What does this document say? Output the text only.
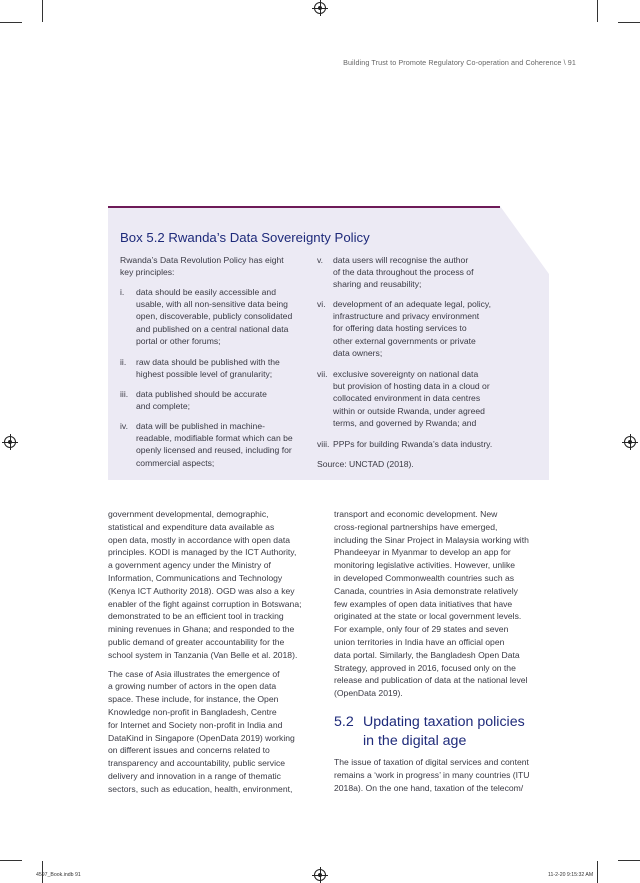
Building Trust to Promote Regulatory Co-operation and Coherence \ 91
Box 5.2 Rwanda’s Data Sovereignty Policy
Rwanda’s Data Revolution Policy has eight
key principles:
i. data should be easily accessible and
usable, with all non-sensitive data being
open, discoverable, publicly consolidated
and published on a central national data
portal or other forums;
ii. raw data should be published with the
highest possible level of granularity;
iii. data published should be accurate
and complete;
iv. data will be published in machine-
readable, modifiable format which can be
openly licensed and reused, including for
commercial aspects;
v. data users will recognise the author
of the data throughout the process of
sharing and reusability;
vi. development of an adequate legal, policy,
infrastructure and privacy environment
for offering data hosting services to
other external governments or private
data owners;
vii. exclusive sovereignty on national data
but provision of hosting data in a cloud or
collocated environment in data centres
within or outside Rwanda, under agreed
terms, and governed by Rwanda; and
viii. PPPs for building Rwanda’s data industry.
Source: UNCTAD (2018).

government developmental, demographic,
statistical and expenditure data available as
open data, mostly in accordance with open data
principles. KODI is managed by the ICT Authority,
a government agency under the Ministry of
Information, Communications and Technology
(Kenya ICT Authority 2018). OGD was also a key
enabler of the fight against corruption in Botswana;
demonstrated to be an efficient tool in tracking
mining revenues in Ghana; and responded to the
public demand of greater accountability for the
school system in Tanzania (Van Belle et al. 2018).

The case of Asia illustrates the emergence of
a growing number of actors in the open data
space. These include, for instance, the Open
Knowledge non-profit in Bangladesh, Centre
for Internet and Society non-profit in India and
DataKind in Singapore (OpenData 2019) working
on different issues and concerns related to
transparency and accountability, public service
delivery and innovation in a range of thematic
sectors, such as education, health, environment,

transport and economic development. New
cross-regional partnerships have emerged,
including the Sinar Project in Malaysia working with
Phandeeyar in Myanmar to develop an app for
monitoring legislative activities. However, unlike
in developed Commonwealth countries such as
Canada, countries in Asia demonstrate relatively
few examples of open data initiatives that have
originated at the state or local government levels.
For example, only four of 29 states and seven
union territories in India have an official open
data portal. Similarly, the Bangladesh Open Data
Strategy, approved in 2016, focused only on the
release and publication of data at the national level
(OpenData 2019).

5.2 Updating taxation policies
in the digital age
The issue of taxation of digital services and content
remains a ‘work in progress’ in many countries (ITU
2018a). On the one hand, taxation of the telecom/
4597_Book.indb 91	11-2-20 9:15:32 AM
